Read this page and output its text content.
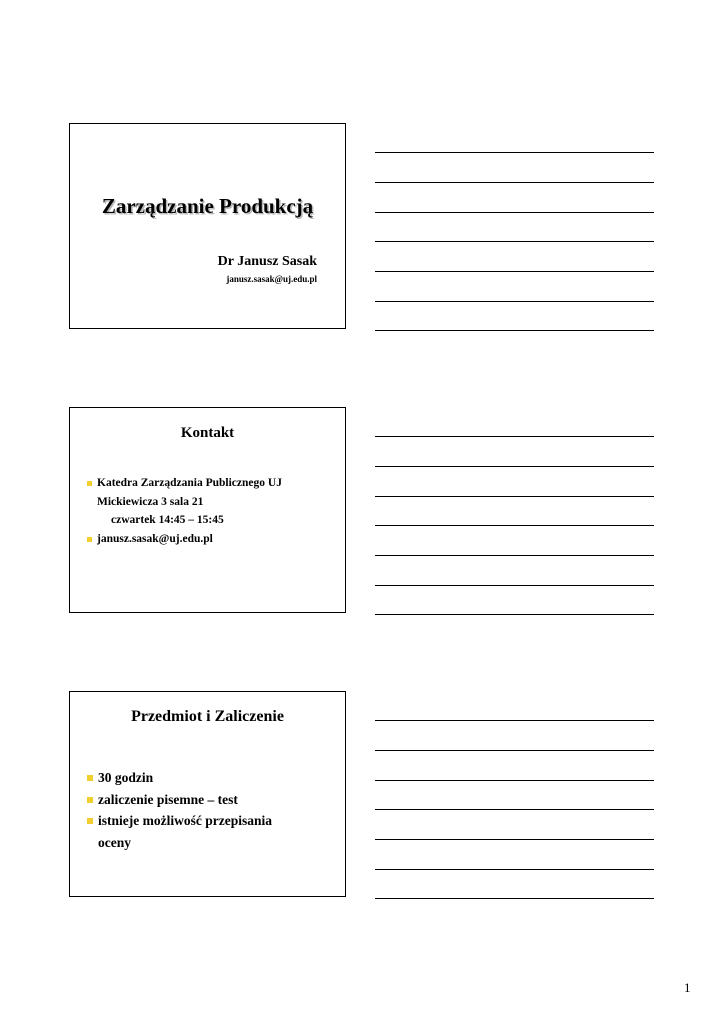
Zarządzanie Produkcją
Dr Janusz Sasak
janusz.sasak@uj.edu.pl
Kontakt
Katedra Zarządzania Publicznego UJ
Mickiewicza 3 sala 21

czwartek 14:45 – 15:45
janusz.sasak@uj.edu.pl
Przedmiot i Zaliczenie
30 godzin
zaliczenie pisemne – test
istnieje możliwość przepisania
oceny
1
